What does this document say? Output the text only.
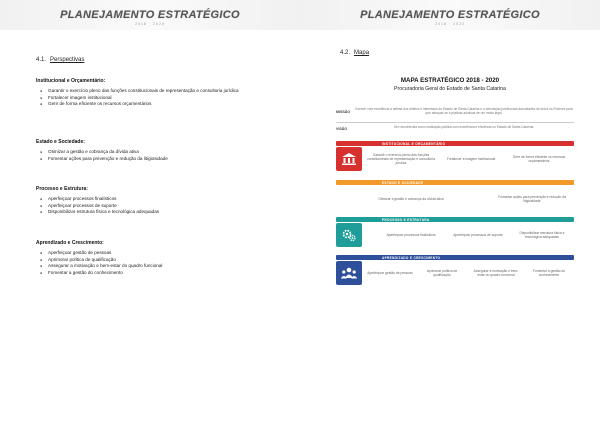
PLANEJAMENTO ESTRATÉGICO
2018 · 2020
4.1. Perspectivas
Institucional e Orçamentário:
● Garantir o exercício pleno das funções constitucionais de representação e consultoria jurídica
● Fortalecer imagem institucional
● Gerir de forma eficiente os recursos orçamentários
Estado e Sociedade:
● Otimizar a gestão e cobrança da dívida ativa
● Fomentar ações para prevenção e redução da litigiosidade
Processo e Estrutura:
● Aperfeiçoar processos finalísticos
● Aperfeiçoar processos de suporte
● Disponibilizar estrutura física e tecnológica adequadas
Aprendizado e Crescimento:
● Aperfeiçoar gestão de pessoas
● Aprimorar política de qualificação
● Assegurar a motivação e bem-estar do quadro funcional
● Fomentar a gestão do conhecimento
PLANEJAMENTO ESTRATÉGICO
2018 · 2020
4.2. Mapa
MAPA ESTRATÉGICO 2018 - 2020
Procuradoria Geral do Estado de Santa Catarina
MISSÃO
Exercer com excelência a defesa dos direitos e interesses do Estado de Santa Catarina e a orientação jurídica das autoridades de todos os Poderes para que adequar-se à práticas adotivas de um modo legal.
VISÃO	Ser reconhecida como instituição pública com excelência e eficiência no Estado de Santa Catarina.
INSTITUCIONAL E ORÇAMENTÁRIO
Garantir o exercício pleno das funções constitucionais de representação e consultoria jurídica
Fortalecer a imagem institucional
Gerir de forma eficiente os recursos orçamentários
ESTADO E SOCIEDADE
Otimizar a gestão e cobrança da dívida ativa
Fomentar ações para prevenção e redução da litigiosidade
PROCESSO E ESTRUTURA
Aperfeiçoar processos finalísticos	Aperfeiçoar processos de suporte
Disponibilizar estrutura física e tecnológica adequadas
APRENDIZADO E CRESCIMENTO
Aperfeiçoar gestão de pessoas
Aprimorar política de qualificação
Assegurar a motivação e bem-estar do quadro funcional
Fomentar a gestão do conhecimento
